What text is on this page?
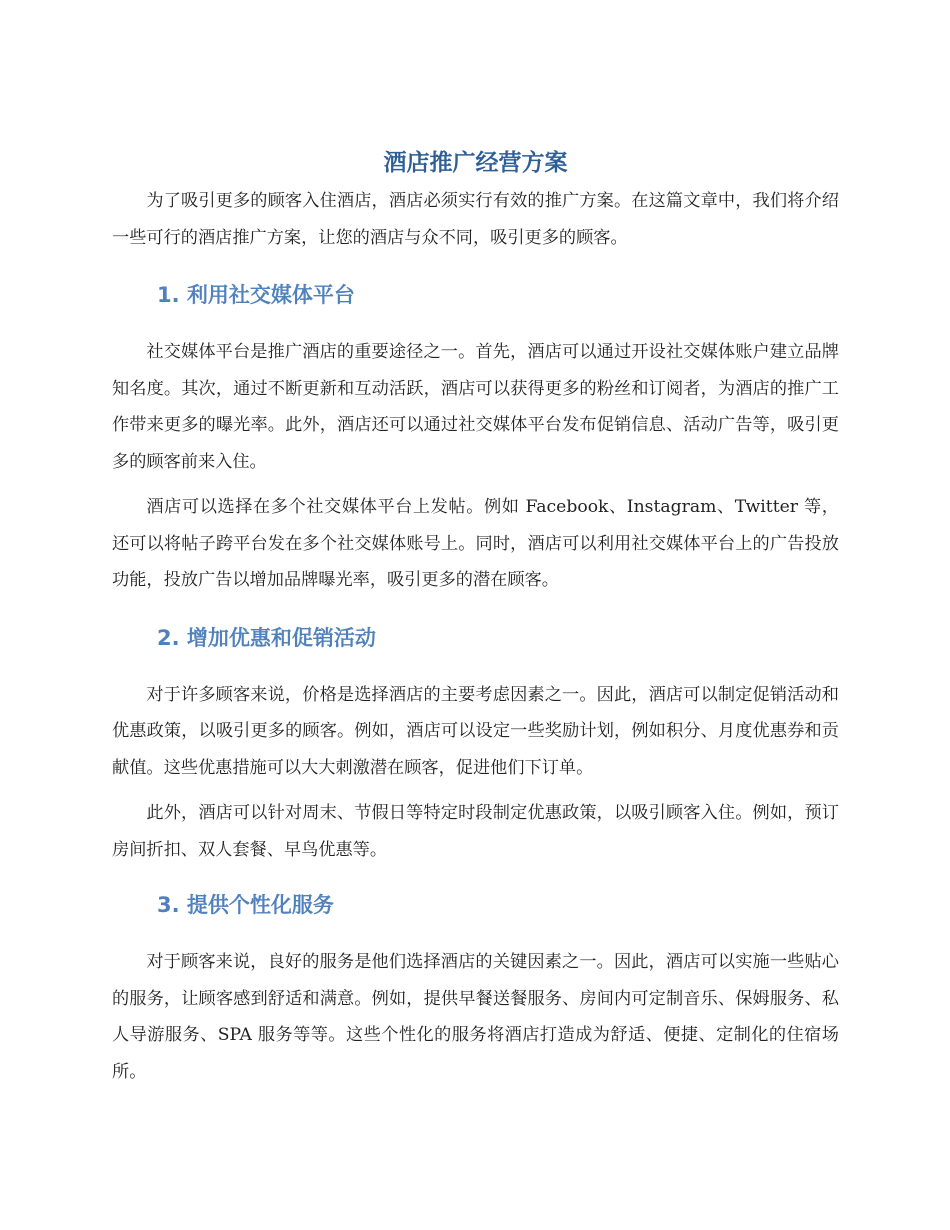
酒店推广经营方案

为了吸引更多的顾客入住酒店，酒店必须实行有效的推广方案。在这篇文章中，我们将介绍一些可行的酒店推广方案，让您的酒店与众不同，吸引更多的顾客。

1. 利用社交媒体平台

社交媒体平台是推广酒店的重要途径之一。首先，酒店可以通过开设社交媒体账户建立品牌知名度。其次，通过不断更新和互动活跃，酒店可以获得更多的粉丝和订阅者，为酒店的推广工作带来更多的曝光率。此外，酒店还可以通过社交媒体平台发布促销信息、活动广告等，吸引更多的顾客前来入住。

酒店可以选择在多个社交媒体平台上发帖。例如 Facebook、Instagram、Twitter 等，还可以将帖子跨平台发在多个社交媒体账号上。同时，酒店可以利用社交媒体平台上的广告投放功能，投放广告以增加品牌曝光率，吸引更多的潜在顾客。

2. 增加优惠和促销活动

对于许多顾客来说，价格是选择酒店的主要考虑因素之一。因此，酒店可以制定促销活动和优惠政策，以吸引更多的顾客。例如，酒店可以设定一些奖励计划，例如积分、月度优惠券和贡献值。这些优惠措施可以大大刺激潜在顾客，促进他们下订单。

此外，酒店可以针对周末、节假日等特定时段制定优惠政策，以吸引顾客入住。例如，预订房间折扣、双人套餐、早鸟优惠等。

3. 提供个性化服务

对于顾客来说，良好的服务是他们选择酒店的关键因素之一。因此，酒店可以实施一些贴心的服务，让顾客感到舒适和满意。例如，提供早餐送餐服务、房间内可定制音乐、保姆服务、私人导游服务、SPA 服务等等。这些个性化的服务将酒店打造成为舒适、便捷、定制化的住宿场所。
